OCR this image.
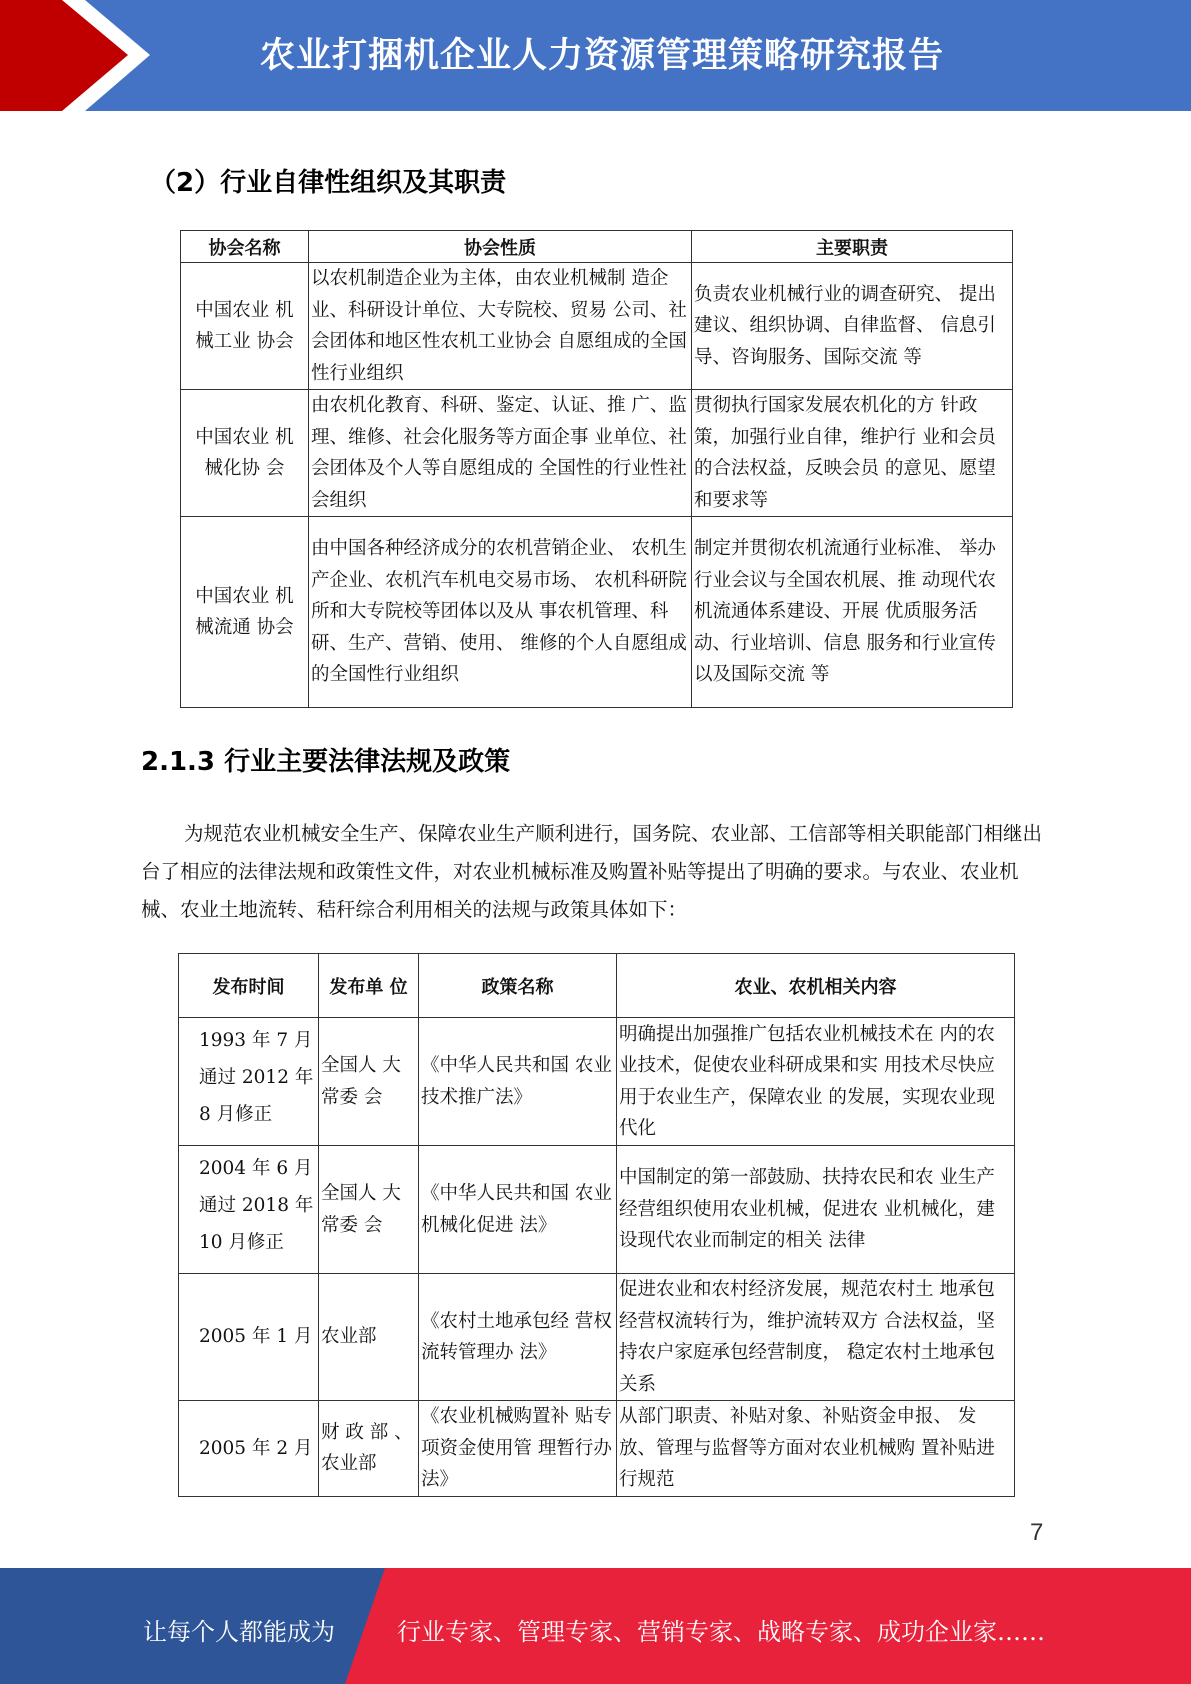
农业打捆机企业人力资源管理策略研究报告
（2）行业自律性组织及其职责
协会名称	协会性质	主要职责
中国农业 机械工业 协会	以农机制造企业为主体，由农业机械制 造企业、科研设计单位、大专院校、贸易 公司、社会团体和地区性农机工业协会 自愿组成的全国性行业组织	负责农业机械行业的调查研究、 提出建议、组织协调、自律监督、 信息引导、咨询服务、国际交流 等
中国农业 机械化协 会	由农机化教育、科研、鉴定、认证、推 广、监理、维修、社会化服务等方面企事 业单位、社会团体及个人等自愿组成的 全国性的行业性社会组织	贯彻执行国家发展农机化的方 针政策，加强行业自律，维护行 业和会员的合法权益，反映会员 的意见、愿望和要求等
中国农业 机械流通 协会	由中国各种经济成分的农机营销企业、 农机生产企业、农机汽车机电交易市场、 农机科研院所和大专院校等团体以及从 事农机管理、科研、生产、营销、使用、 维修的个人自愿组成的全国性行业组织	制定并贯彻农机流通行业标准、 举办行业会议与全国农机展、推 动现代农机流通体系建设、开展 优质服务活动、行业培训、信息 服务和行业宣传以及国际交流 等
2.1.3 行业主要法律法规及政策

为规范农业机械安全生产、保障农业生产顺利进行，国务院、农业部、工信部等相关职能部门相继出台了相应的法律法规和政策性文件，对农业机械标准及购置补贴等提出了明确的要求。与农业、农业机械、农业土地流转、秸秆综合利用相关的法规与政策具体如下：

发布时间	发布单 位	政策名称	农业、农机相关内容

1993 年 7 月通过 2012 年 8 月修正	全国人 大常委 会	《中华人民共和国 农业技术推广法》	明确提出加强推广包括农业机械技术在 内的农业技术，促使农业科研成果和实 用技术尽快应用于农业生产，保障农业 的发展，实现农业现代化

2004 年 6 月通过 2018 年 10 月修正	全国人 大常委 会	《中华人民共和国 农业机械化促进 法》	中国制定的第一部鼓励、扶持农民和农 业生产经营组织使用农业机械，促进农 业机械化，建设现代农业而制定的相关 法律
2005 年 1 月	农业部	《农村土地承包经 营权流转管理办 法》	促进农业和农村经济发展，规范农村土 地承包经营权流转行为，维护流转双方 合法权益，坚持农户家庭承包经营制度， 稳定农村土地承包关系
2005 年 2 月	财 政 部 、农业部	《农业机械购置补 贴专项资金使用管 理暂行办法》	从部门职责、补贴对象、补贴资金申报、 发放、管理与监督等方面对农业机械购 置补贴进行规范
7
让每个人都能成为	行业专家、管理专家、营销专家、战略专家、成功企业家……
